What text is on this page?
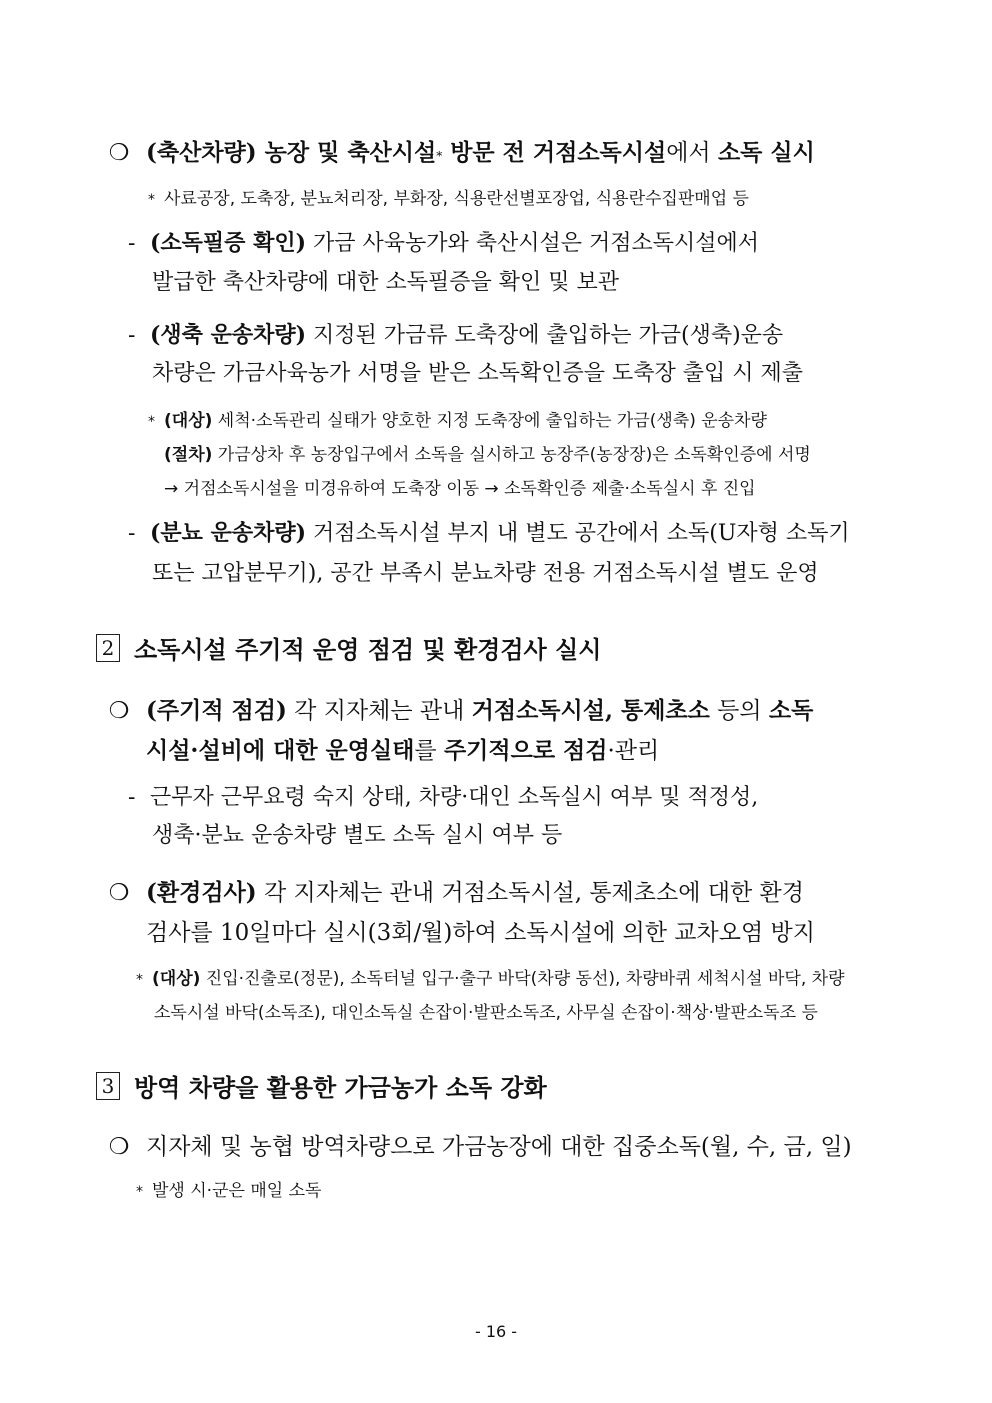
❍ (축산차량) 농장 및 축산시설$_*$ 방문 전 거점소독시설 에서 소독 실시
* 사료공장, 도축장, 분뇨처리장, 부화장, 식용란선별포장업, 식용란수집판매업 등
- (소독필증 확인) 가금 사육농가와 축산시설은 거점소독시설에서
발급한 축산차량에 대한 소독필증을 확인 및 보관
- (생축 운송차량) 지정된 가금류 도축장에 출입하는 가금(생축)운송
차량은 가금사육농가 서명을 받은 소독확인증을 도축장 출입 시 제출
* (대상) 세척·소독관리 실태가 양호한 지정 도축장에 출입하는 가금(생축) 운송차량
(절차) 가금상차 후 농장입구에서 소독을 실시하고 농장주(농장장)은 소독확인증에 서명
→ 거점소독시설을 미경유하여 도축장 이동 → 소독확인증 제출·소독실시 후 진입
- (분뇨 운송차량) 거점소독시설 부지 내 별도 공간에서 소독(U자형 소독기
또는 고압분무기), 공간 부족시 분뇨차량 전용 거점소독시설 별도 운영
2 소독시설 주기적 운영 점검 및 환경검사 실시
❍ (주기적 점검) 각 지자체는 관내 거점소독시설, 통제초소 등의 소독
시설·설비에 대한 운영실태 를 주기적으로 점검 ·관리
- 근무자 근무요령 숙지 상태, 차량·대인 소독실시 여부 및 적정성,
생축·분뇨 운송차량 별도 소독 실시 여부 등
❍ (환경검사) 각 지자체는 관내 거점소독시설, 통제초소에 대한 환경
검사를 10일마다 실시(3회/월)하여 소독시설에 의한 교차오염 방지
* (대상) 진입·진출로(정문), 소독터널 입구·출구 바닥(차량 동선), 차량바퀴 세척시설 바닥, 차량
소독시설 바닥(소독조), 대인소독실 손잡이·발판소독조, 사무실 손잡이·책상·발판소독조 등
3 방역 차량을 활용한 가금농가 소독 강화
❍ 지자체 및 농협 방역차량으로 가금농장에 대한 집중소독(월, 수, 금, 일)
* 발생 시·군은 매일 소독
- 16 -
